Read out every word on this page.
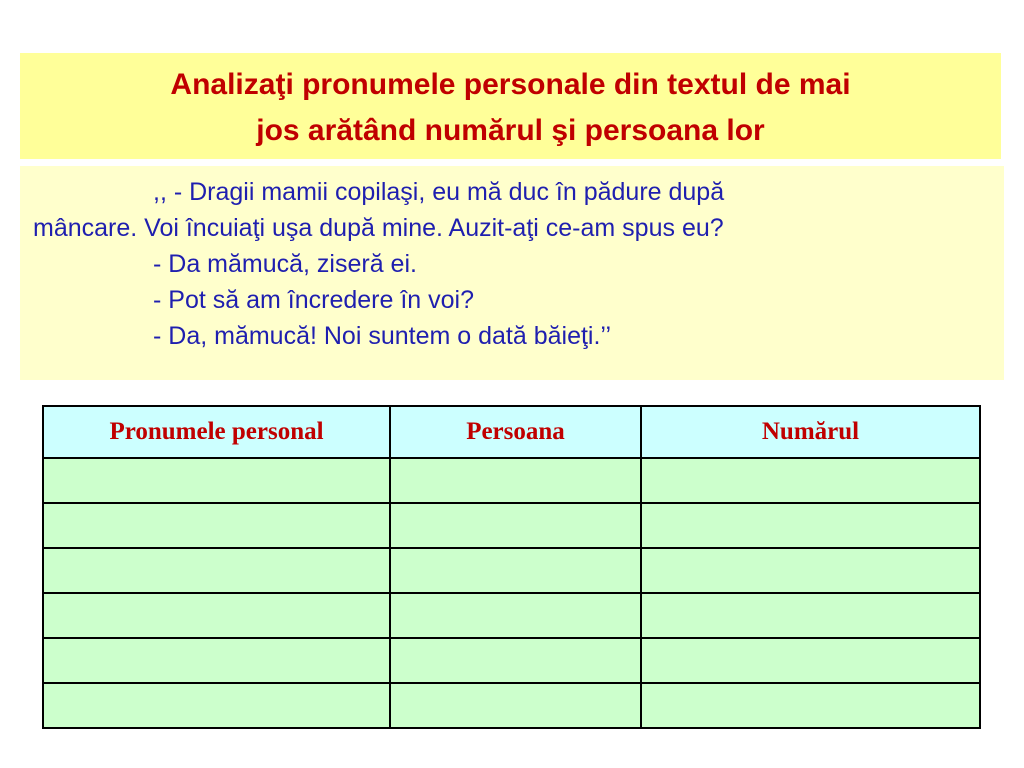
Analizaţi pronumele personale din textul de mai
jos arătând numărul şi persoana lor
,, - Dragii mamii copilaşi, eu mă duc în pădure după
mâncare. Voi încuiaţi uşa după mine. Auzit-aţi ce-am spus eu?
- Da mămucă, ziseră ei.
- Pot să am încredere în voi?
- Da, mămucă! Noi suntem o dată băieţi.’’
Pronumele personal	Persoana	Numărul
